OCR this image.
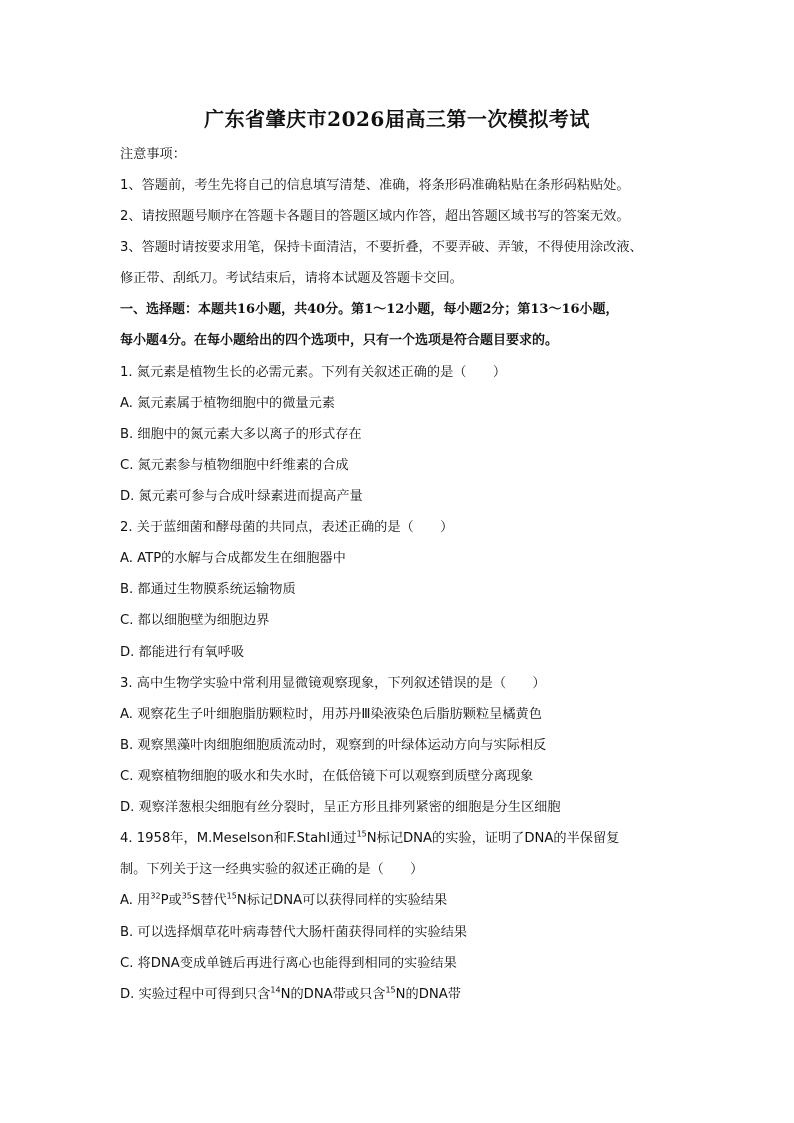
广东省肇庆市2026届高三第一次模拟考试
注意事项：
1、答题前，考生先将自己的信息填写清楚、准确，将条形码准确粘贴在条形码粘贴处。
2、请按照题号顺序在答题卡各题目的答题区域内作答，超出答题区域书写的答案无效。
3、答题时请按要求用笔，保持卡面清洁，不要折叠，不要弄破、弄皱，不得使用涂改液、
修正带、刮纸刀。考试结束后，请将本试题及答题卡交回。
一、选择题：本题共16小题，共40分。第1～12小题，每小题2分；第13～16小题，
每小题4分。在每小题给出的四个选项中，只有一个选项是符合题目要求的。
1. 氮元素是植物生长的必需元素。下列有关叙述正确的是（　　）
A. 氮元素属于植物细胞中的微量元素
B. 细胞中的氮元素大多以离子的形式存在
C. 氮元素参与植物细胞中纤维素的合成
D. 氮元素可参与合成叶绿素进而提高产量
2. 关于蓝细菌和酵母菌的共同点，表述正确的是（　　）
A. ATP的水解与合成都发生在细胞器中
B. 都通过生物膜系统运输物质
C. 都以细胞壁为细胞边界
D. 都能进行有氧呼吸
3. 高中生物学实验中常利用显微镜观察现象，下列叙述错误的是（　　）
A. 观察花生子叶细胞脂肪颗粒时，用苏丹Ⅲ染液染色后脂肪颗粒呈橘黄色
B. 观察黑藻叶肉细胞细胞质流动时，观察到的叶绿体运动方向与实际相反
C. 观察植物细胞的吸水和失水时，在低倍镜下可以观察到质壁分离现象
D. 观察洋葱根尖细胞有丝分裂时，呈正方形且排列紧密的细胞是分生区细胞
4. 1958年，M.Meselson和F.Stahl通过$^{15}$N标记DNA的实验，证明了DNA的半保留复
制。下列关于这一经典实验的叙述正确的是（　　）
A. 用$^{32}$P或$^{35}$S替代$^{15}$N标记DNA可以获得同样的实验结果
B. 可以选择烟草花叶病毒替代大肠杆菌获得同样的实验结果
C. 将DNA变成单链后再进行离心也能得到相同的实验结果
D. 实验过程中可得到只含$^{14}$N的DNA带或只含$^{15}$N的DNA带
